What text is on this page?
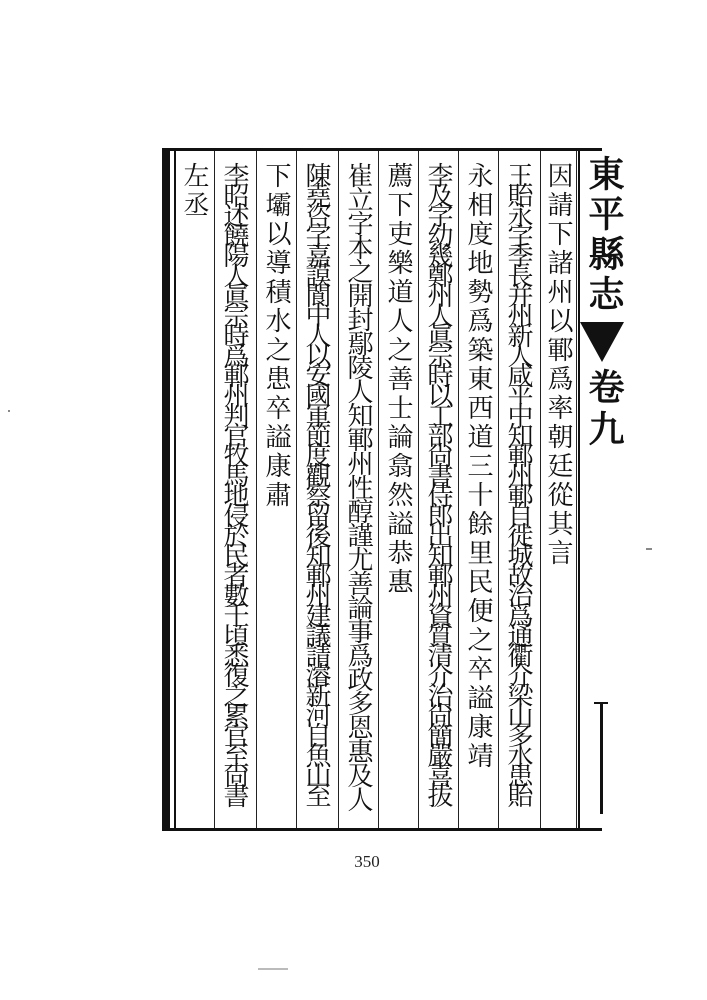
東平縣志
卷九
因請下諸州以鄆爲率朝廷從其言
王貽永字季長并州新人咸平中知鄆州鄆自徙城故治爲通衢介梁山多水患貽
永相度地勢爲築東西道三十餘里民便之卒謚康靖
李及字幼幾鄭州人眞宗時以工部尙書侍郎出知鄆州資質清介治尙簡嚴喜拔
薦下吏樂道人之善士論翕然謚恭惠
崔立字本之開封鄢陵人知鄆州性醇謹尤善論事爲政多恩惠及人
陳堯咨字嘉謨閬中人以安國軍節度觀察留後知鄆州建議請濬新河自魚山至
下壩以導積水之患卒謚康肅
李昭述饒陽人眞宗時爲鄆州判官牧馬地侵於民者數千頃悉復之累官至尙書
左丞
350
